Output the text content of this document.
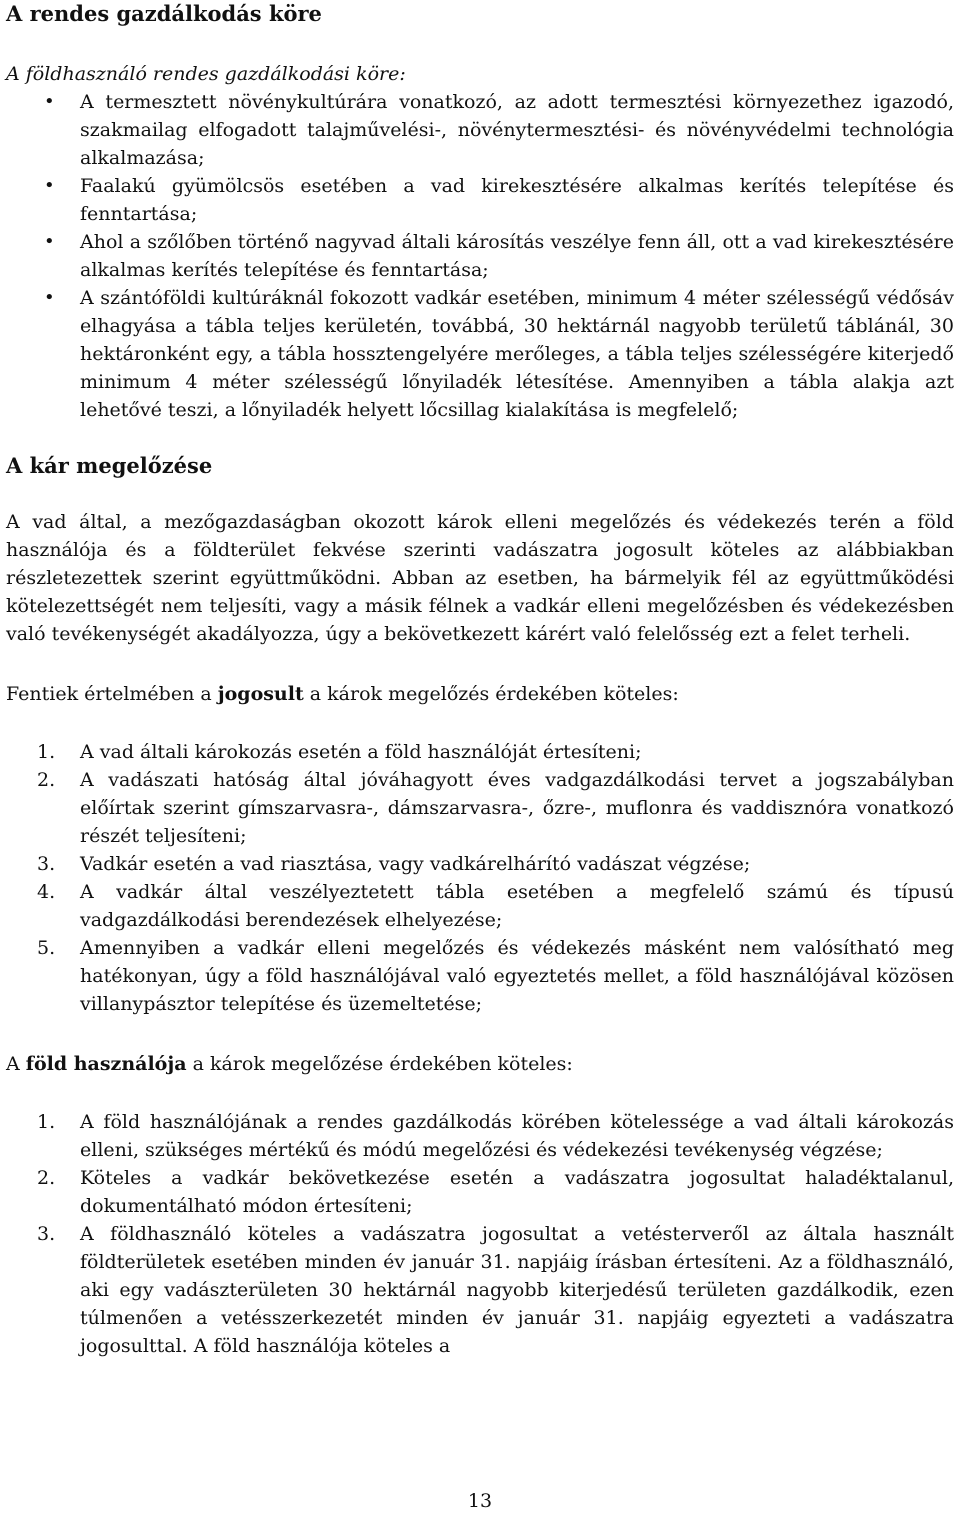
A rendes gazdálkodás köre

A földhasználó rendes gazdálkodási köre:

• A termesztett növénykultúrára vonatkozó, az adott termesztési környezethez igazodó, szakmailag elfogadott talajművelési-, növénytermesztési- és növényvédelmi technológia alkalmazása;
• Faalakú gyümölcsös esetében a vad kirekesztésére alkalmas kerítés telepítése és fenntartása;
• Ahol a szőlőben történő nagyvad általi károsítás veszélye fenn áll, ott a vad kirekesztésére alkalmas kerítés telepítése és fenntartása;
• A szántóföldi kultúráknál fokozott vadkár esetében, minimum 4 méter szélességű védősáv elhagyása a tábla teljes kerületén, továbbá, 30 hektárnál nagyobb területű táblánál, 30 hektáronként egy, a tábla hossztengelyére merőleges, a tábla teljes szélességére kiterjedő minimum 4 méter szélességű lőnyiladék létesítése. Amennyiben a tábla alakja azt lehetővé teszi, a lőnyiladék helyett lőcsillag kialakítása is megfelelő;
A kár megelőzése

A vad által, a mezőgazdaságban okozott károk elleni megelőzés és védekezés terén a föld használója és a földterület fekvése szerinti vadászatra jogosult köteles az alábbiakban részletezettek szerint együttműködni. Abban az esetben, ha bármelyik fél az együttműködési kötelezettségét nem teljesíti, vagy a másik félnek a vadkár elleni megelőzésben és védekezésben való tevékenységét akadályozza, úgy a bekövetkezett kárért való felelősség ezt a felet terheli.

Fentiek értelmében a jogosult a károk megelőzés érdekében köteles:

1. A vad általi károkozás esetén a föld használóját értesíteni;
2. A vadászati hatóság által jóváhagyott éves vadgazdálkodási tervet a jogszabályban előírtak szerint gímszarvasra-, dámszarvasra-, őzre-, muflonra és vaddisznóra vonatkozó részét teljesíteni;
3. Vadkár esetén a vad riasztása, vagy vadkárelhárító vadászat végzése;
4. A vadkár által veszélyeztetett tábla esetében a megfelelő számú és típusú vadgazdálkodási berendezések elhelyezése;
5. Amennyiben a vadkár elleni megelőzés és védekezés másként nem valósítható meg hatékonyan, úgy a föld használójával való egyeztetés mellet, a föld használójával közösen villanypásztor telepítése és üzemeltetése;

A föld használója a károk megelőzése érdekében köteles:

1. A föld használójának a rendes gazdálkodás körében kötelessége a vad általi károkozás elleni, szükséges mértékű és módú megelőzési és védekezési tevékenység végzése;
2. Köteles a vadkár bekövetkezése esetén a vadászatra jogosultat haladéktalanul, dokumentálható módon értesíteni;
3. A földhasználó köteles a vadászatra jogosultat a vetésterveről az általa használt földterületek esetében minden év január 31. napjáig írásban értesíteni. Az a földhasználó, aki egy vadászterületen 30 hektárnál nagyobb kiterjedésű területen gazdálkodik, ezen túlmenően a vetésszerkezetét minden év január 31. napjáig egyezteti a vadászatra jogosulttal. A föld használója köteles a
13
